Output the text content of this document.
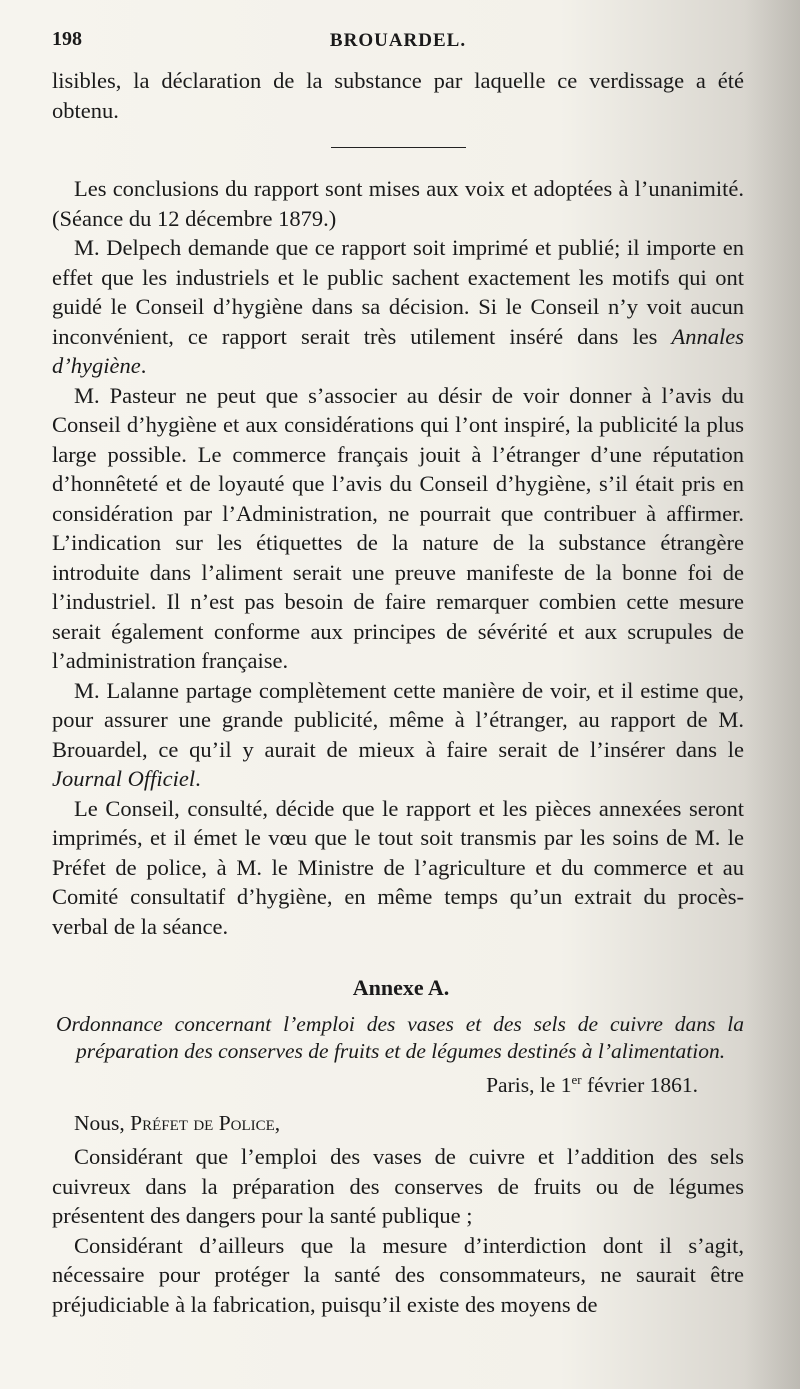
198	BROUARDEL.

lisibles, la déclaration de la substance par laquelle ce verdissage a été obtenu.

Les conclusions du rapport sont mises aux voix et adoptées à l’unanimité. (Séance du 12 décembre 1879.)

M. Delpech demande que ce rapport soit imprimé et publié; il importe en effet que les industriels et le public sachent exactement les motifs qui ont guidé le Conseil d’hygiène dans sa décision. Si le Conseil n’y voit aucun inconvénient, ce rapport serait très utilement inséré dans les Annales d’hygiène.

M. Pasteur ne peut que s’associer au désir de voir donner à l’avis du Conseil d’hygiène et aux considérations qui l’ont inspiré, la publicité la plus large possible. Le commerce français jouit à l’étranger d’une réputation d’honnêteté et de loyauté que l’avis du Conseil d’hygiène, s’il était pris en considération par l’Administration, ne pourrait que contribuer à affirmer. L’indication sur les étiquettes de la nature de la substance étrangère introduite dans l’aliment serait une preuve manifeste de la bonne foi de l’industriel. Il n’est pas besoin de faire remarquer combien cette mesure serait également conforme aux principes de sévérité et aux scrupules de l’administration française.

M. Lalanne partage complètement cette manière de voir, et il estime que, pour assurer une grande publicité, même à l’étranger, au rapport de M. Brouardel, ce qu’il y aurait de mieux à faire serait de l’insérer dans le Journal Officiel.

Le Conseil, consulté, décide que le rapport et les pièces annexées seront imprimés, et il émet le vœu que le tout soit transmis par les soins de M. le Préfet de police, à M. le Ministre de l’agriculture et du commerce et au Comité consultatif d’hygiène, en même temps qu’un extrait du procès-verbal de la séance.

Annexe A.

Ordonnance concernant l’emploi des vases et des sels de cuivre dans la préparation des conserves de fruits et de légumes destinés à l’alimentation.

Paris, le 1er février 1861.
Nous, Préfet de Police,

Considérant que l’emploi des vases de cuivre et l’addition des sels cuivreux dans la préparation des conserves de fruits ou de légumes présentent des dangers pour la santé publique ;

Considérant d’ailleurs que la mesure d’interdiction dont il s’agit, nécessaire pour protéger la santé des consommateurs, ne saurait être préjudiciable à la fabrication, puisqu’il existe des moyens de
